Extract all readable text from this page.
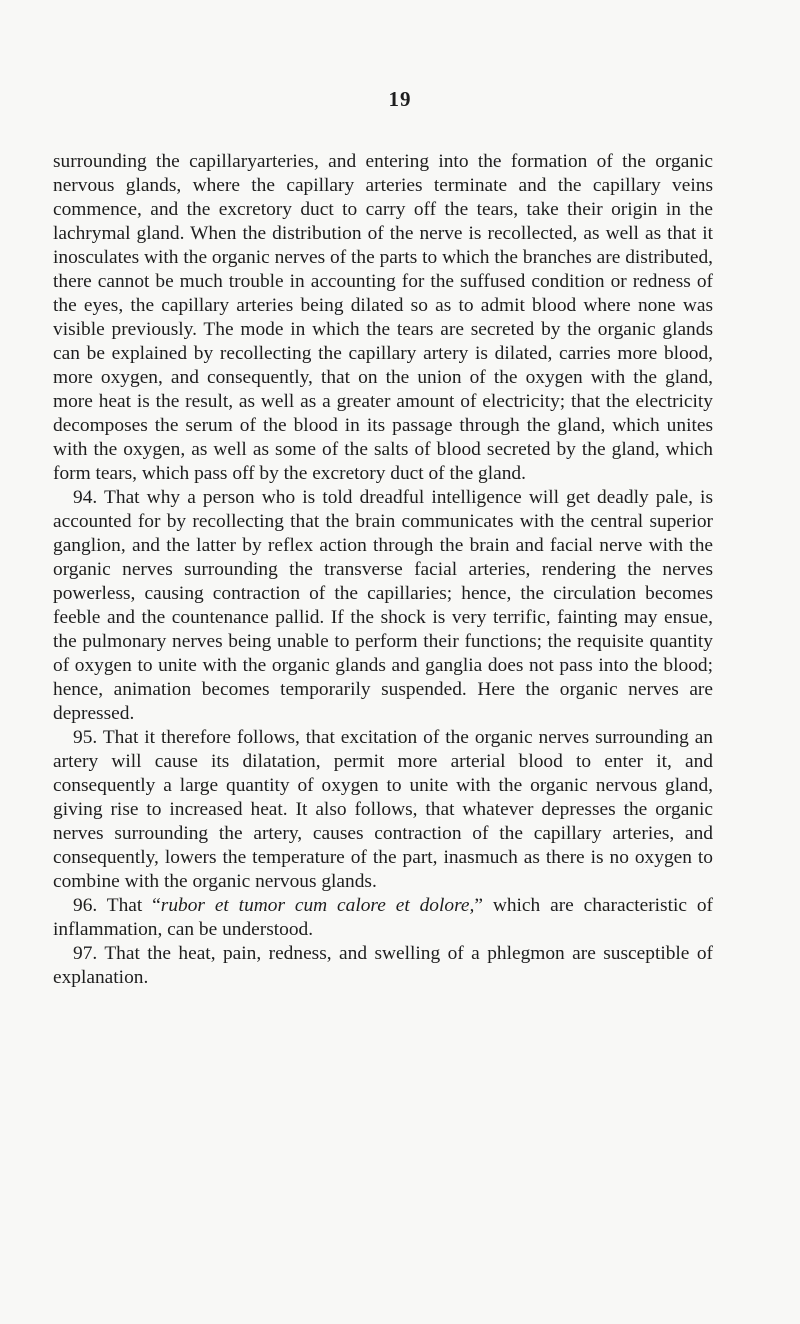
19

surrounding the capillaryarteries, and entering into the formation of the organic nervous glands, where the capillary arteries terminate and the capillary veins commence, and the excretory duct to carry off the tears, take their origin in the lachrymal gland. When the distribution of the nerve is recollected, as well as that it inosculates with the organic nerves of the parts to which the branches are distributed, there cannot be much trouble in accounting for the suffused condition or redness of the eyes, the capillary arteries being dilated so as to admit blood where none was visible previously. The mode in which the tears are secreted by the organic glands can be explained by recollecting the capillary artery is dilated, carries more blood, more oxygen, and consequently, that on the union of the oxygen with the gland, more heat is the result, as well as a greater amount of electricity; that the electricity decomposes the serum of the blood in its passage through the gland, which unites with the oxygen, as well as some of the salts of blood secreted by the gland, which form tears, which pass off by the excretory duct of the gland.

94. That why a person who is told dreadful intelligence will get deadly pale, is accounted for by recollecting that the brain communicates with the central superior ganglion, and the latter by reflex action through the brain and facial nerve with the organic nerves surrounding the transverse facial arteries, rendering the nerves powerless, causing contraction of the capillaries; hence, the circulation becomes feeble and the countenance pallid. If the shock is very terrific, fainting may ensue, the pulmonary nerves being unable to perform their functions; the requisite quantity of oxygen to unite with the organic glands and ganglia does not pass into the blood; hence, animation becomes temporarily suspended. Here the organic nerves are depressed.

95. That it therefore follows, that excitation of the organic nerves surrounding an artery will cause its dilatation, permit more arterial blood to enter it, and consequently a large quantity of oxygen to unite with the organic nervous gland, giving rise to increased heat. It also follows, that whatever depresses the organic nerves surrounding the artery, causes contraction of the capillary arteries, and consequently, lowers the temperature of the part, inasmuch as there is no oxygen to combine with the organic nervous glands.

96. That “rubor et tumor cum calore et dolore,” which are characteristic of inflammation, can be understood.

97. That the heat, pain, redness, and swelling of a phlegmon are susceptible of explanation.
